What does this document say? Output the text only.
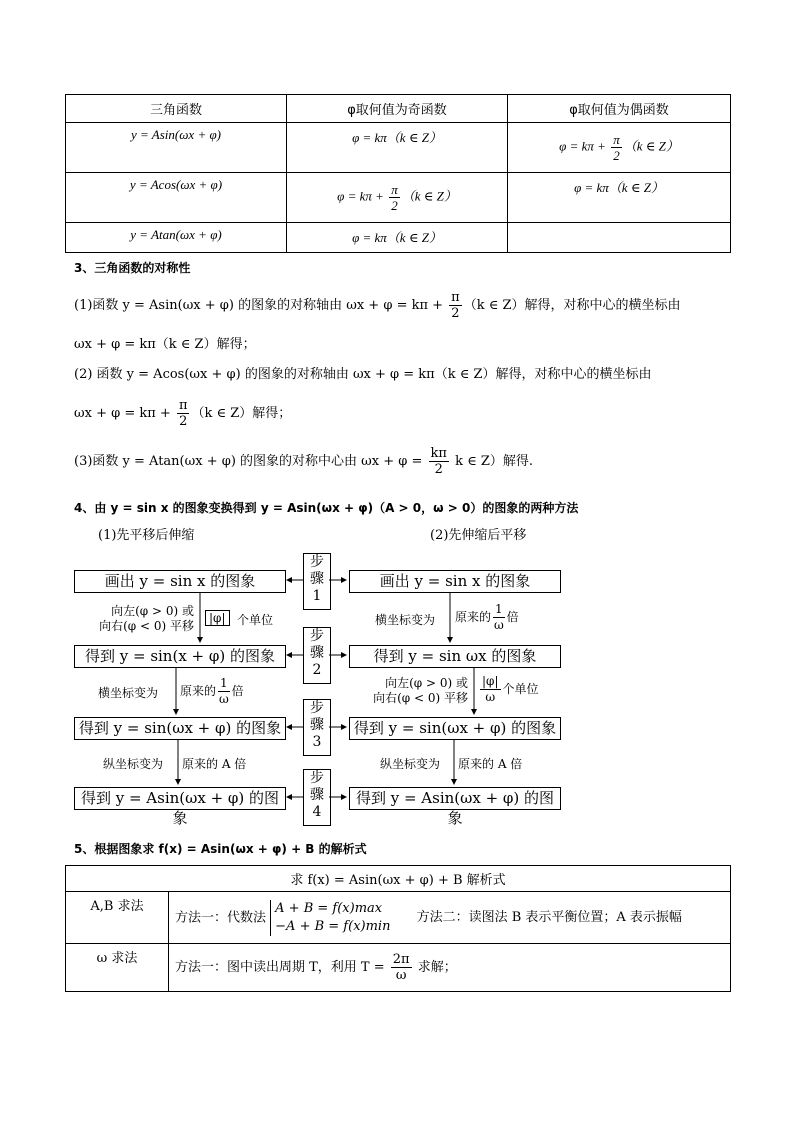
三角函数	φ取何值为奇函数	φ取何值为偶函数
y = Asin(ωx + φ)	φ = kπ（k ∈ Z）	$\varphi = k\pi + \frac{\pi}{2} (k$ ∈ Z）
y = Acos(ωx + φ)	$\varphi = k\pi + \frac{\pi}{2} (k$ ∈ Z）	φ = kπ（k ∈ Z）
y = Atan(ωx + φ)	φ = kπ（k ∈ Z）	
3、三角函数的对称性
(1)函数 y = Asin(ωx + φ) 的图象的对称轴由 $\omega x + \varphi = k\pi + \frac{\pi}{2} (k$ ∈ Z）解得，对称中心的横坐标由
ωx + φ = kπ（k ∈ Z）解得；
(2) 函数 y = Acos(ωx + φ) 的图象的对称轴由 ωx + φ = kπ（k ∈ Z）解得，对称中心的横坐标由
$\omega x + \varphi = k\pi + \frac{\pi}{2} (k$ ∈ Z）解得；
(3)函数 y = Atan(ωx + φ) 的图象的对称中心由 $\omega x + \varphi = \frac{k\pi}{2}$ k ∈ Z）解得.
4、由 y = sin x 的图象变换得到 y = Asin(ωx + φ)（A > 0，ω > 0）的图象的两种方法
(1)先平移后伸缩	(2)先伸缩后平移
画出 y = sin x 的图象
得到 y = sin(x + φ) 的图象
得到 y = sin(ωx + φ) 的图象
得到 y = Asin(ωx + φ) 的图象
画出 y = sin x 的图象
得到 y = sin ωx 的图象
得到 y = sin(ωx + φ) 的图象
得到 y = Asin(ωx + φ) 的图象
步
骤
1
步
骤
2
步
骤
3
步
骤
4
向左(φ > 0) 或
向右(φ < 0) 平移
|φ| 个单位
横坐标变为 原来的 $\frac{1}{\omega}$ 倍
纵坐标变为 原来的 A 倍
横坐标变为 原来的 $\frac{1}{\omega}$ 倍
向左(φ > 0) 或
向右(φ < 0) 平移 $\frac{|\varphi|}{\omega}$ 个单位
纵坐标变为 原来的 A 倍
5、根据图象求 f(x) = Asin(ωx + φ) + B 的解析式
求 f(x) = Asin(ωx + φ) + B 解析式	
A,B 求法	方法一：代数法
A + B = f(x)max
−A + B = f(x)min
方法二：读图法 B 表示平衡位置；A 表示振幅
ω 求法	方法一：图中读出周期 T，利用 $T = \frac{2\pi}{\omega}$ 求解；
